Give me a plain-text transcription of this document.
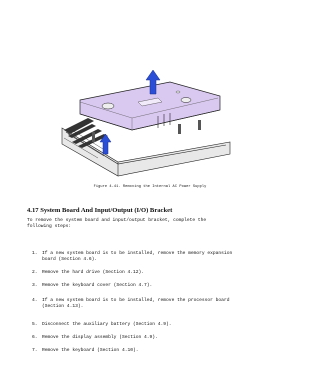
Figure 4-41. Removing the Internal AC Power Supply
4.17 System Board And Input/Output (I/O) Bracket
To remove the system board and input/output bracket, complete the
following steps:
1. If a new system board is to be installed, remove the memory expansion
board (Section 4.6).
2. Remove the hard drive (Section 4.12).
3. Remove the keyboard cover (Section 4.7).
4. If a new system board is to be installed, remove the processor board
(Section 4.13).
5. Disconnect the auxiliary battery (Section 4.9).
6. Remove the display assembly (Section 4.9).
7. Remove the keyboard (Section 4.10).
